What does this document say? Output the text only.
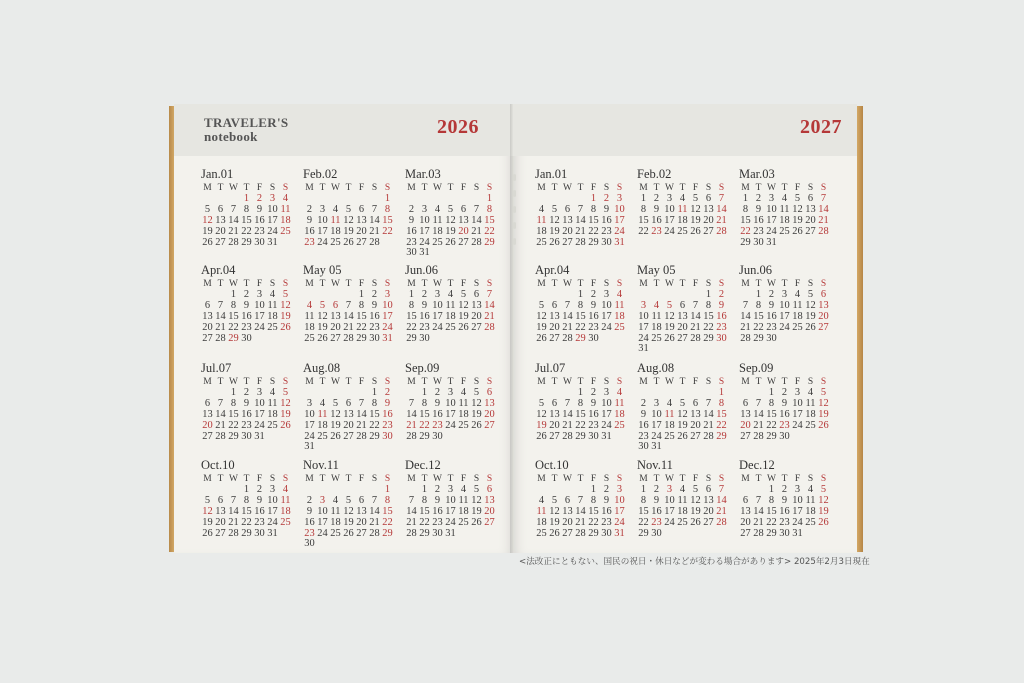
TRAVELER'S
notebook	2026
Jan.01
M T W T F S S
1 2 3 4
5 6 7 8 9 10 11
12 13 14 15 16 17 18
19 20 21 22 23 24 25
26 27 28 29 30 31
Feb.02
M T W T F S S
1
2 3 4 5 6 7 8
9 10 11 12 13 14 15
16 17 18 19 20 21 22
23 24 25 26 27 28
Mar.03
M T W T F S S
1
2 3 4 5 6 7 8
9 10 11 12 13 14 15
16 17 18 19 20 21 22
23 24 25 26 27 28 29
30 31
Apr.04
M T W T F S S
1 2 3 4 5
6 7 8 9 10 11 12
13 14 15 16 17 18 19
20 21 22 23 24 25 26
27 28 29 30
May 05
M T W T F S S
1 2 3
4 5 6 7 8 9 10
11 12 13 14 15 16 17
18 19 20 21 22 23 24
25 26 27 28 29 30 31
Jun.06
M T W T F S S
1 2 3 4 5 6 7
8 9 10 11 12 13 14
15 16 17 18 19 20 21
22 23 24 25 26 27 28
29 30
Jul.07
M T W T F S S
1 2 3 4 5
6 7 8 9 10 11 12
13 14 15 16 17 18 19
20 21 22 23 24 25 26
27 28 29 30 31
Aug.08
M T W T F S S
1 2
3 4 5 6 7 8 9
10 11 12 13 14 15 16
17 18 19 20 21 22 23
24 25 26 27 28 29 30
31
Sep.09
M T W T F S S
1 2 3 4 5 6
7 8 9 10 11 12 13
14 15 16 17 18 19 20
21 22 23 24 25 26 27
28 29 30
Oct.10
M T W T F S S
1 2 3 4
5 6 7 8 9 10 11
12 13 14 15 16 17 18
19 20 21 22 23 24 25
26 27 28 29 30 31
Nov.11
M T W T F S S
1
2 3 4 5 6 7 8
9 10 11 12 13 14 15
16 17 18 19 20 21 22
23 24 25 26 27 28 29
30
Dec.12
M T W T F S S
1 2 3 4 5 6
7 8 9 10 11 12 13
14 15 16 17 18 19 20
21 22 23 24 25 26 27
28 29 30 31
2027
<法改正にともない、国民の祝日・休日などが変わる場合があります> 2025年2月3日現在
Jan.01
M T W T F S S
1 2 3
4 5 6 7 8 9 10
11 12 13 14 15 16 17
18 19 20 21 22 23 24
25 26 27 28 29 30 31
Feb.02
M T W T F S S
1 2 3 4 5 6 7
8 9 10 11 12 13 14
15 16 17 18 19 20 21
22 23 24 25 26 27 28
Mar.03
M T W T F S S
1 2 3 4 5 6 7
8 9 10 11 12 13 14
15 16 17 18 19 20 21
22 23 24 25 26 27 28
29 30 31
Apr.04
M T W T F S S
1 2 3 4
5 6 7 8 9 10 11
12 13 14 15 16 17 18
19 20 21 22 23 24 25
26 27 28 29 30
May 05
M T W T F S S
1 2
3 4 5 6 7 8 9
10 11 12 13 14 15 16
17 18 19 20 21 22 23
24 25 26 27 28 29 30
31
Jun.06
M T W T F S S
1 2 3 4 5 6
7 8 9 10 11 12 13
14 15 16 17 18 19 20
21 22 23 24 25 26 27
28 29 30
Jul.07
M T W T F S S
1 2 3 4
5 6 7 8 9 10 11
12 13 14 15 16 17 18
19 20 21 22 23 24 25
26 27 28 29 30 31
Aug.08
M T W T F S S
1
2 3 4 5 6 7 8
9 10 11 12 13 14 15
16 17 18 19 20 21 22
23 24 25 26 27 28 29
30 31
Sep.09
M T W T F S S
1 2 3 4 5
6 7 8 9 10 11 12
13 14 15 16 17 18 19
20 21 22 23 24 25 26
27 28 29 30
Oct.10
M T W T F S S
1 2 3
4 5 6 7 8 9 10
11 12 13 14 15 16 17
18 19 20 21 22 23 24
25 26 27 28 29 30 31
Nov.11
M T W T F S S
1 2 3 4 5 6 7
8 9 10 11 12 13 14
15 16 17 18 19 20 21
22 23 24 25 26 27 28
29 30
Dec.12
M T W T F S S
1 2 3 4 5
6 7 8 9 10 11 12
13 14 15 16 17 18 19
20 21 22 23 24 25 26
27 28 29 30 31
